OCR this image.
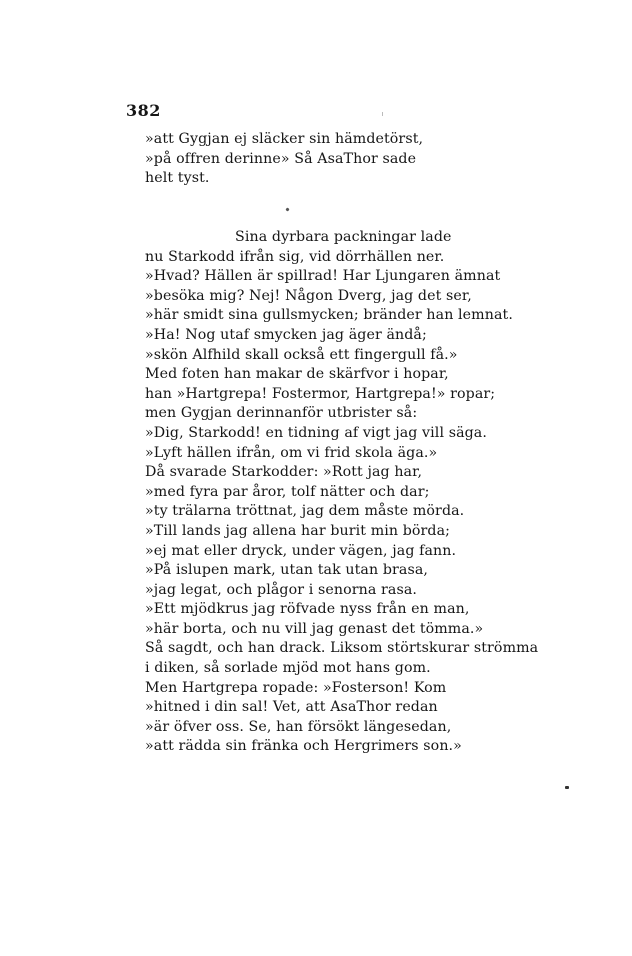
382
»att Gygjan ej släcker sin hämdetörst,
»på offren derinne» Så AsaThor sade
helt tyst.
Sina dyrbara packningar lade
nu Starkodd ifrån sig, vid dörrhällen ner.
»Hvad? Hällen är spillrad! Har Ljungaren ämnat
»besöka mig? Nej! Någon Dverg, jag det ser,
»här smidt sina gullsmycken; bränder han lemnat.
»Ha! Nog utaf smycken jag äger ändå;
»skön Alfhild skall också ett fingergull få.»
Med foten han makar de skärfvor i hopar,
han »Hartgrepa! Fostermor, Hartgrepa!» ropar;
men Gygjan derinnanför utbrister så:
»Dig, Starkodd! en tidning af vigt jag vill säga.
»Lyft hällen ifrån, om vi frid skola äga.»
Då svarade Starkodder: »Rott jag har,
»med fyra par åror, tolf nätter och dar;
»ty trälarna tröttnat, jag dem måste mörda.
»Till lands jag allena har burit min börda;
»ej mat eller dryck, under vägen, jag fann.
»På islupen mark, utan tak utan brasa,
»jag legat, och plågor i senorna rasa.
»Ett mjödkrus jag röfvade nyss från en man,
»här borta, och nu vill jag genast det tömma.»
Så sagdt, och han drack. Liksom störtskurar strömma
i diken, så sorlade mjöd mot hans gom.
Men Hartgrepa ropade: »Fosterson! Kom
»hitned i din sal! Vet, att AsaThor redan
»är öfver oss. Se, han försökt längesedan,
»att rädda sin fränka och Hergrimers son.»
